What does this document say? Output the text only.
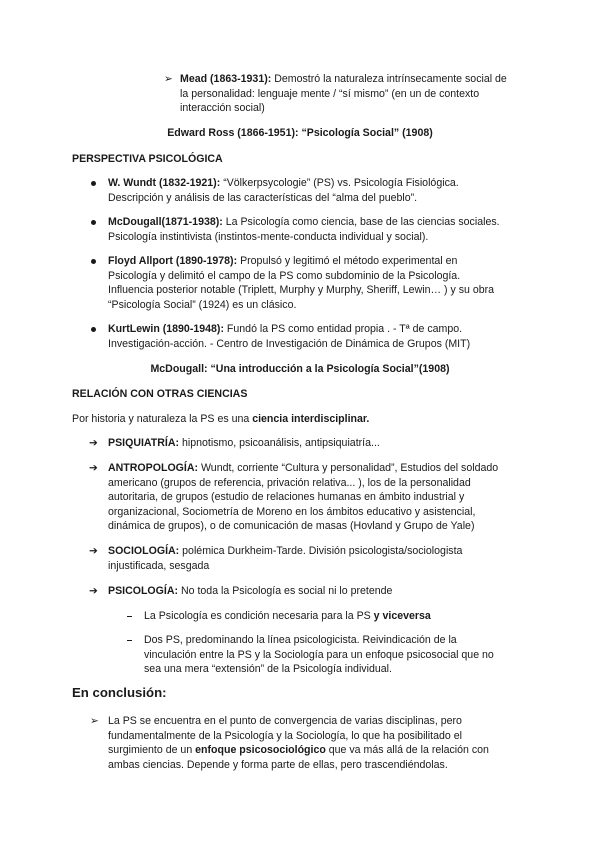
➢ Mead (1863-1931): Demostró la naturaleza intrínsecamente social de
la personalidad: lenguaje mente / “sí mismo” (en un de contexto
interacción social)
Edward Ross (1866-1951): “Psicología Social” (1908)
PERSPECTIVA PSICOLÓGICA
W. Wundt (1832-1921): “Völkerpsycologie” (PS) vs. Psicología Fisiológica.
Descripción y análisis de las características del “alma del pueblo”.
McDougall(1871-1938): La Psicología como ciencia, base de las ciencias sociales.
Psicología instintivista (instintos-mente-conducta individual y social).
Floyd Allport (1890-1978): Propulsó y legitimó el método experimental en
Psicología y delimitó el campo de la PS como subdominio de la Psicología.
Influencia posterior notable (Triplett, Murphy y Murphy, Sheriff, Lewin… ) y su obra
“Psicología Social” (1924) es un clásico.
KurtLewin (1890-1948): Fundó la PS como entidad propia . - Tª de campo.
Investigación-acción. - Centro de Investigación de Dinámica de Grupos (MIT)
McDougall: “Una introducción a la Psicología Social”(1908)
RELACIÓN CON OTRAS CIENCIAS
Por historia y naturaleza la PS es una ciencia interdisciplinar.
➔ PSIQUIATRÍA: hipnotismo, psicoanálisis, antipsiquiatría...
➔ ANTROPOLOGÍA: Wundt, corriente “Cultura y personalidad”, Estudios del soldado
americano (grupos de referencia, privación relativa... ), los de la personalidad
autoritaria, de grupos (estudio de relaciones humanas en ámbito industrial y
organizacional, Sociometría de Moreno en los ámbitos educativo y asistencial,
dinámica de grupos), o de comunicación de masas (Hovland y Grupo de Yale)
➔ SOCIOLOGÍA: polémica Durkheim-Tarde. División psicologista/sociologista
injustificada, sesgada
➔ PSICOLOGÍA: No toda la Psicología es social ni lo pretende
La Psicología es condición necesaria para la PS y viceversa
Dos PS, predominando la línea psicologicista. Reivindicación de la
vinculación entre la PS y la Sociología para un enfoque psicosocial que no
sea una mera “extensión” de la Psicología individual.
En conclusión:
➢ La PS se encuentra en el punto de convergencia de varias disciplinas, pero
fundamentalmente de la Psicología y la Sociología, lo que ha posibilitado el
surgimiento de un enfoque psicosociológico que va más allá de la relación con
ambas ciencias. Depende y forma parte de ellas, pero trascendiéndolas.
